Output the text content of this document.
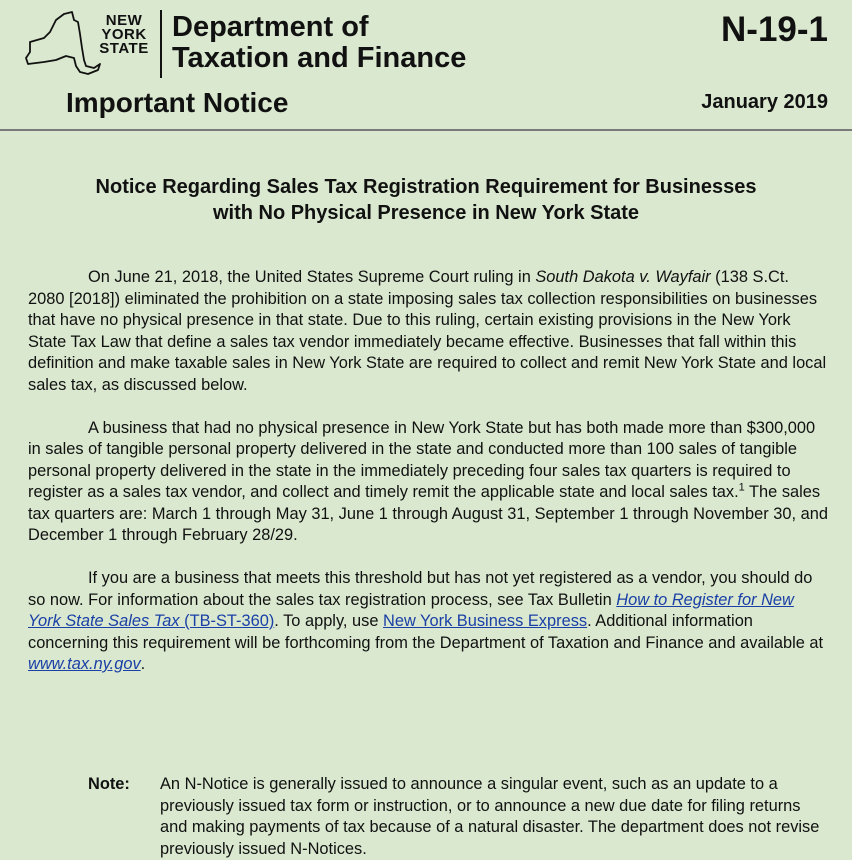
NEW
YORK
STATE
Department of
Taxation and Finance
N-19-1
Important Notice	January 2019
Notice Regarding Sales Tax Registration Requirement for Businesses
with No Physical Presence in New York State

On June 21, 2018, the United States Supreme Court ruling in South Dakota v. Wayfair (138 S.Ct. 2080 [2018]) eliminated the prohibition on a state imposing sales tax collection responsibilities on businesses that have no physical presence in that state. Due to this ruling, certain existing provisions in the New York State Tax Law that define a sales tax vendor immediately became effective. Businesses that fall within this definition and make taxable sales in New York State are required to collect and remit New York State and local sales tax, as discussed below.

A business that had no physical presence in New York State but has both made more than $300,000 in sales of tangible personal property delivered in the state and conducted more than 100 sales of tangible personal property delivered in the state in the immediately preceding four sales tax quarters is required to register as a sales tax vendor, and collect and timely remit the applicable state and local sales tax.$^1$ The sales tax quarters are: March 1 through May 31, June 1 through August 31, September 1 through November 30, and December 1 through February 28/29.

If you are a business that meets this threshold but has not yet registered as a vendor, you should do so now. For information about the sales tax registration process, see Tax Bulletin How to Register for New York State Sales Tax (TB-ST-360). To apply, use New York Business Express. Additional information concerning this requirement will be forthcoming from the Department of Taxation and Finance and available at www.tax.ny.gov.

Note: An N-Notice is generally issued to announce a singular event, such as an update to a previously issued tax form or instruction, or to announce a new due date for filing returns and making payments of tax because of a natural disaster. The department does not revise previously issued N-Notices.
